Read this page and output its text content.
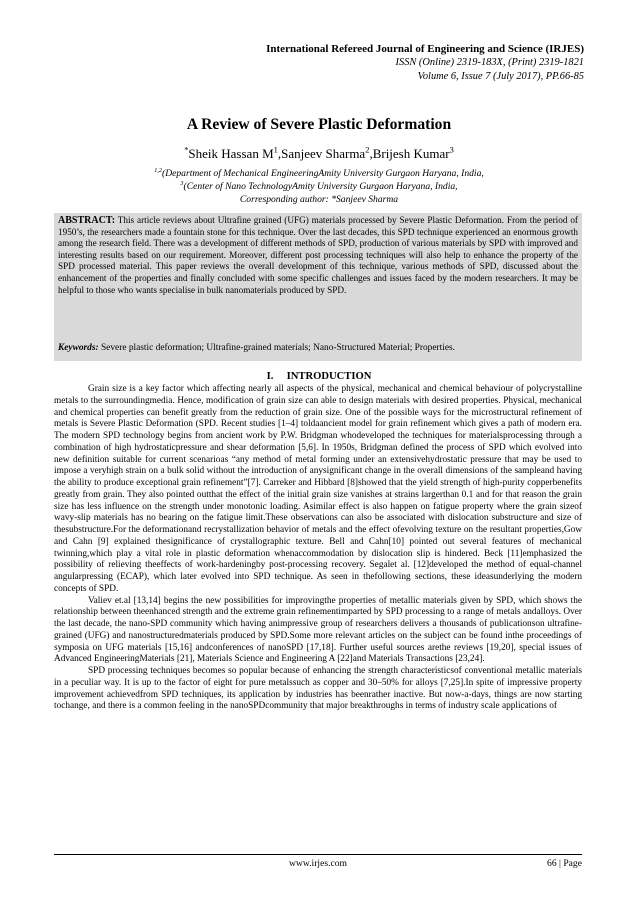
International Refereed Journal of Engineering and Science (IRJES)
ISSN (Online) 2319-183X, (Print) 2319-1821
Volume 6, Issue 7 (July 2017), PP.66-85
A Review of Severe Plastic Deformation
*Sheik Hassan $M^1,Sanjeev$ Sharma$^2$,Brijesh Kumar$^3$
$^{1,2}$(Department of Mechanical EngineeringAmity University Gurgaon Haryana, India,
$^3$(Center of Nano TechnologyAmity University Gurgaon Haryana, India,
Corresponding author: *Sanjeev Sharma
ABSTRACT: This article reviews about Ultrafine grained (UFG) materials processed by Severe Plastic Deformation. From the period of 1950’s, the researchers made a fountain stone for this technique. Over the last decades, this SPD technique experienced an enormous growth among the research field. There was a development of different methods of SPD, production of various materials by SPD with improved and interesting results based on our requirement. Moreover, different post processing techniques will also help to enhance the property of the SPD processed material. This paper reviews the overall development of this technique, various methods of SPD, discussed about the enhancement of the properties and finally concluded with some specific challenges and issues faced by the modern researchers. It may be helpful to those who wants specialise in bulk nanomaterials produced by SPD.
Keywords: Severe plastic deformation; Ultrafine-grained materials; Nano-Structured Material; Properties.
I. INTRODUCTION

Grain size is a key factor which affecting nearly all aspects of the physical, mechanical and chemical behaviour of polycrystalline metals to the surroundingmedia. Hence, modification of grain size can able to design materials with desired properties. Physical, mechanical and chemical properties can benefit greatly from the reduction of grain size. One of the possible ways for the microstructural refinement of metals is Severe Plastic Deformation (SPD. Recent studies [1–4] toldaancient model for grain refinement which gives a path of modern era. The modern SPD technology begins from ancient work by P.W. Bridgman whodeveloped the techniques for materialsprocessing through a combination of high hydrostaticpressure and shear deformation [5,6]. In 1950s, Bridgman defined the process of SPD which evolved into new definition suitable for current scenarioas “any method of metal forming under an extensivehydrostatic pressure that may be used to impose a veryhigh strain on a bulk solid without the introduction of anysignificant change in the overall dimensions of the sampleand having the ability to produce exceptional grain refinement”[7]. Carreker and Hibbard [8]showed that the yield strength of high-purity copperbenefits greatly from grain. They also pointed outthat the effect of the initial grain size vanishes at strains largerthan 0.1 and for that reason the grain size has less influence on the strength under monotonic loading. Asimilar effect is also happen on fatigue property where the grain sizeof wavy-slip materials has no bearing on the fatigue limit.These observations can also be associated with dislocation substructure and size of thesubstructure.For the deformationand recrystallization behavior of metals and the effect ofevolving texture on the resultant properties,Gow and Cahn [9] explained thesignificance of crystallographic texture. Bell and Cahn[10] pointed out several features of mechanical twinning,which play a vital role in plastic deformation whenaccommodation by dislocation slip is hindered. Beck [11]emphasized the possibility of relieving theeffects of work-hardeningby post-processing recovery. Segalet al. [12]developed the method of equal-channel angularpressing (ECAP), which later evolved into SPD technique. As seen in thefollowing sections, these ideasunderlying the modern concepts of SPD.

Valiev et.al [13,14] begins the new possibilities for improvingthe properties of metallic materials given by SPD, which shows the relationship between theenhanced strength and the extreme grain refinementimparted by SPD processing to a range of metals andalloys. Over the last decade, the nano-SPD community which having animpressive group of researchers delivers a thousands of publicationson ultrafine-grained (UFG) and nanostructuredmaterials produced by SPD.Some more relevant articles on the subject can be found inthe proceedings of symposia on UFG materials [15,16] andconferences of nanoSPD [17,18]. Further useful sources arethe reviews [19,20], special issues of Advanced EngineeringMaterials [21], Materials Science and Engineering A [22]and Materials Transactions [23,24].

SPD processing techniques becomes so popular because of enhancing the strength characteristicsof conventional metallic materials in a peculiar way. It is up to the factor of eight for pure metalssuch as copper and 30–50% for alloys [7,25].In spite of impressive property improvement achievedfrom SPD techniques, its application by industries has beenrather inactive. But now-a-days, things are now starting tochange, and there is a common feeling in the nanoSPDcommunity that major breakthroughs in terms of industry scale applications of

www.irjes.com	66 | Page
